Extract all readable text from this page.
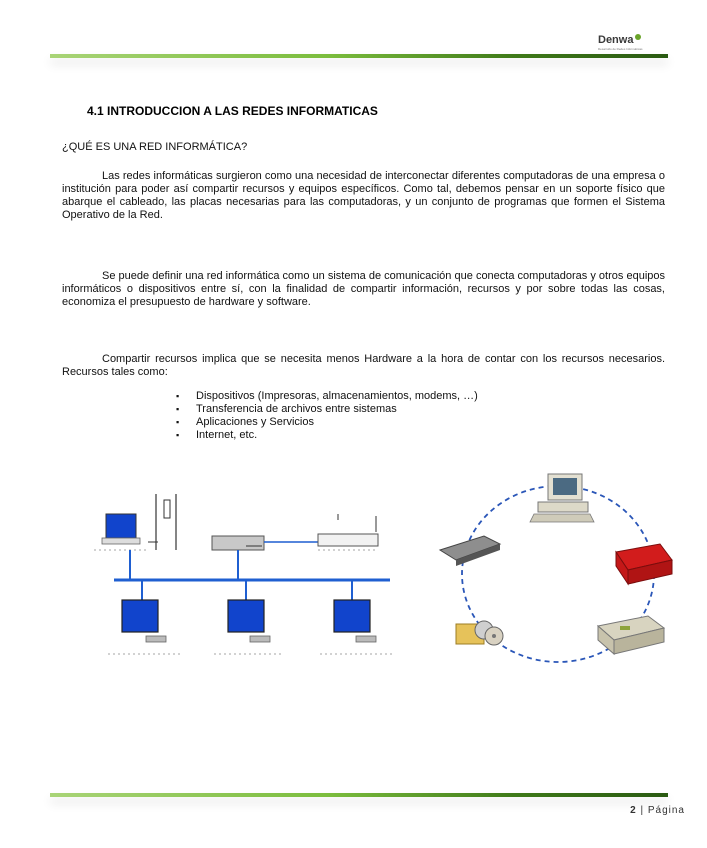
Denwa
Desarrollo de Redes Informáticas
4.1 INTRODUCCION A LAS REDES INFORMATICAS
¿QUÉ ES UNA RED INFORMÁTICA?

Las redes informáticas surgieron como una necesidad de interconectar diferentes computadoras de una empresa o institución para poder así compartir recursos y equipos específicos. Como tal, debemos pensar en un soporte físico que abarque el cableado, las placas necesarias para las computadoras, y un conjunto de programas que formen el Sistema Operativo de la Red.

Se puede definir una red informática como un sistema de comunicación que conecta computadoras y otros equipos informáticos o dispositivos entre sí, con la finalidad de compartir información, recursos y por sobre todas las cosas, economiza el presupuesto de hardware y software.

Compartir recursos implica que se necesita menos Hardware a la hora de contar con los recursos necesarios. Recursos tales como:

▪ Dispositivos (Impresoras, almacenamientos, modems, …)
▪ Transferencia de archivos entre sistemas
▪ Aplicaciones y Servicios
▪ Internet, etc.
2 | Página
